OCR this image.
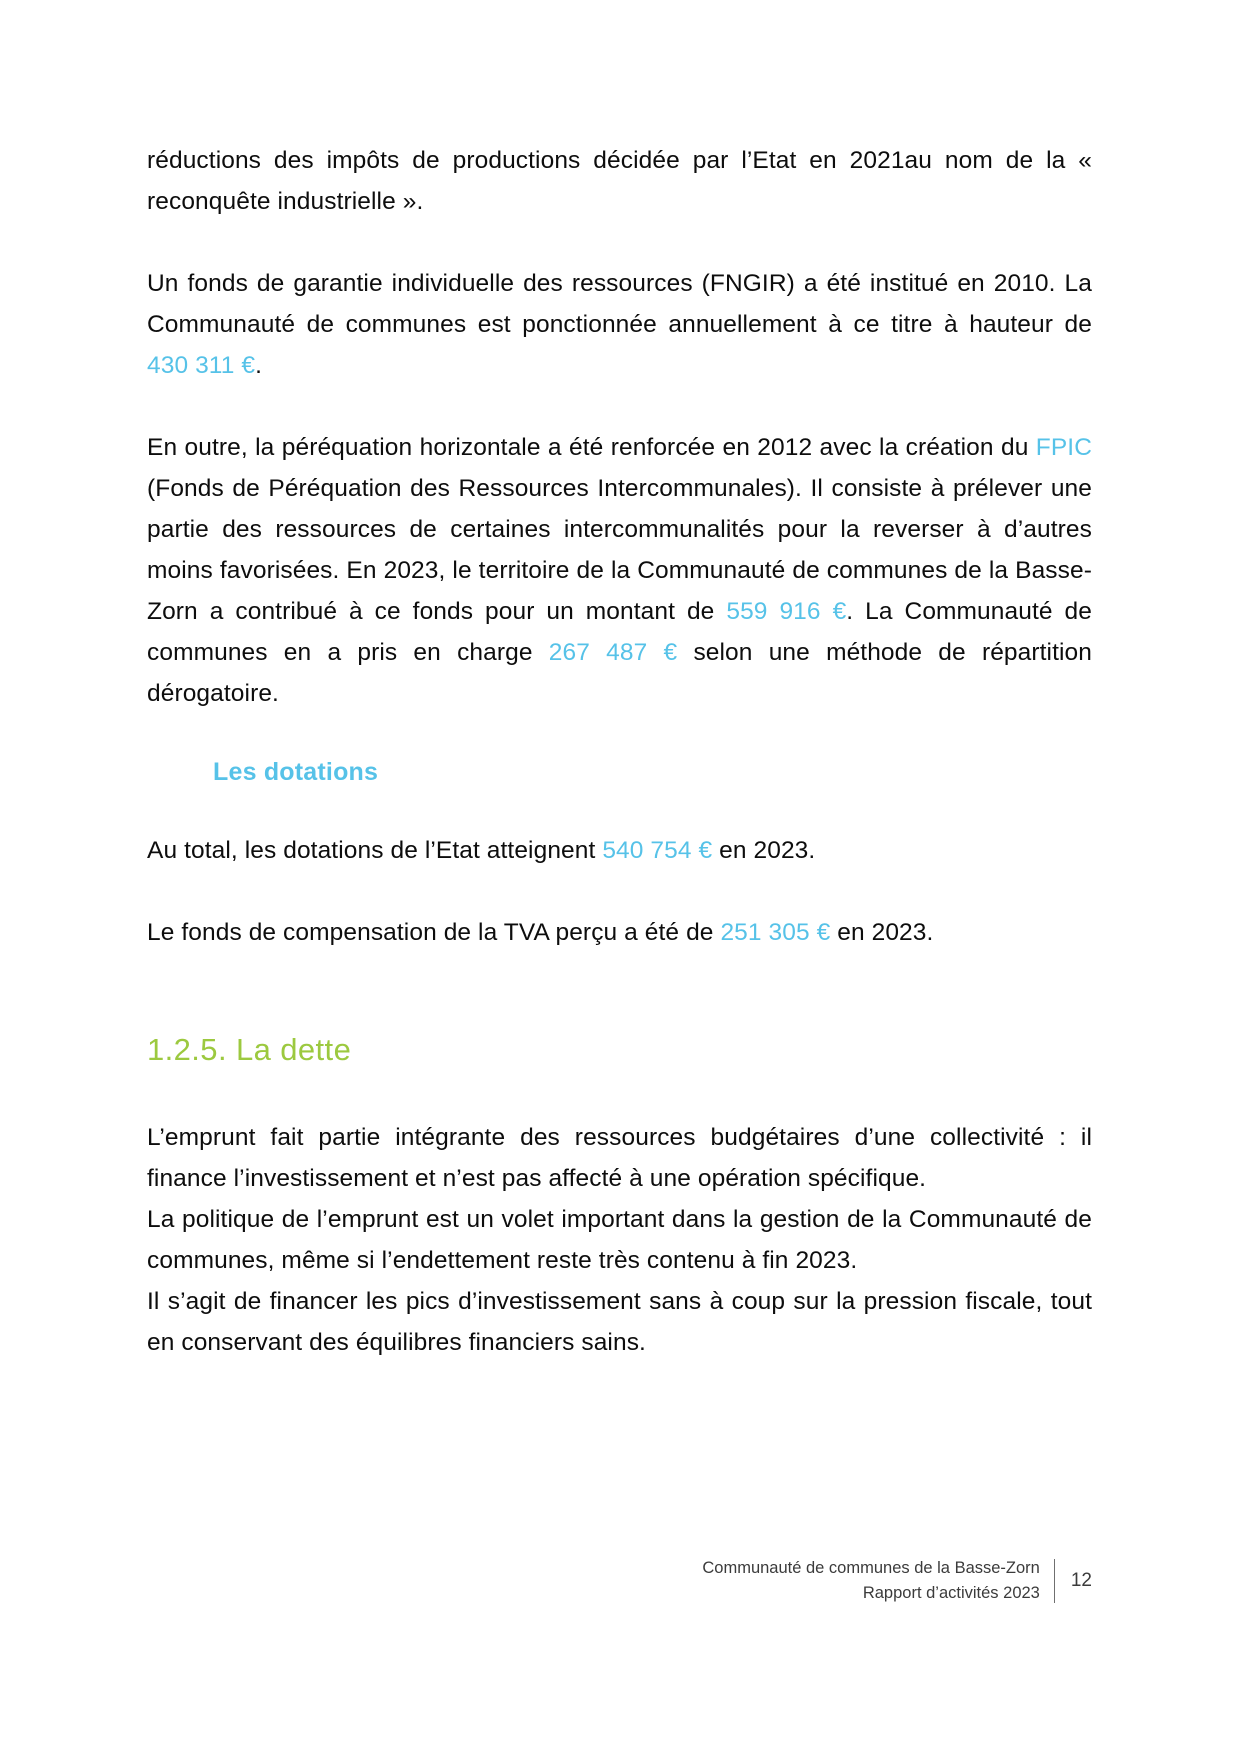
réductions des impôts de productions décidée par l’Etat en 2021au nom de la « reconquête industrielle ».

Un fonds de garantie individuelle des ressources (FNGIR) a été institué en 2010. La Communauté de communes est ponctionnée annuellement à ce titre à hauteur de 430 311 €.

En outre, la péréquation horizontale a été renforcée en 2012 avec la création du FPIC (Fonds de Péréquation des Ressources Intercommunales). Il consiste à prélever une partie des ressources de certaines intercommunalités pour la reverser à d’autres moins favorisées. En 2023, le territoire de la Communauté de communes de la Basse-Zorn a contribué à ce fonds pour un montant de 559 916 €. La Communauté de communes en a pris en charge 267 487 € selon une méthode de répartition dérogatoire.

Les dotations

Au total, les dotations de l’Etat atteignent 540 754 € en 2023.

Le fonds de compensation de la TVA perçu a été de 251 305 € en 2023.

1.2.5. La dette

L’emprunt fait partie intégrante des ressources budgétaires d’une collectivité : il finance l’investissement et n’est pas affecté à une opération spécifique.

La politique de l’emprunt est un volet important dans la gestion de la Communauté de communes, même si l’endettement reste très contenu à fin 2023.

Il s’agit de financer les pics d’investissement sans à coup sur la pression fiscale, tout en conservant des équilibres financiers sains.

Communauté de communes de la Basse-Zorn
Rapport d’activités 2023
12
